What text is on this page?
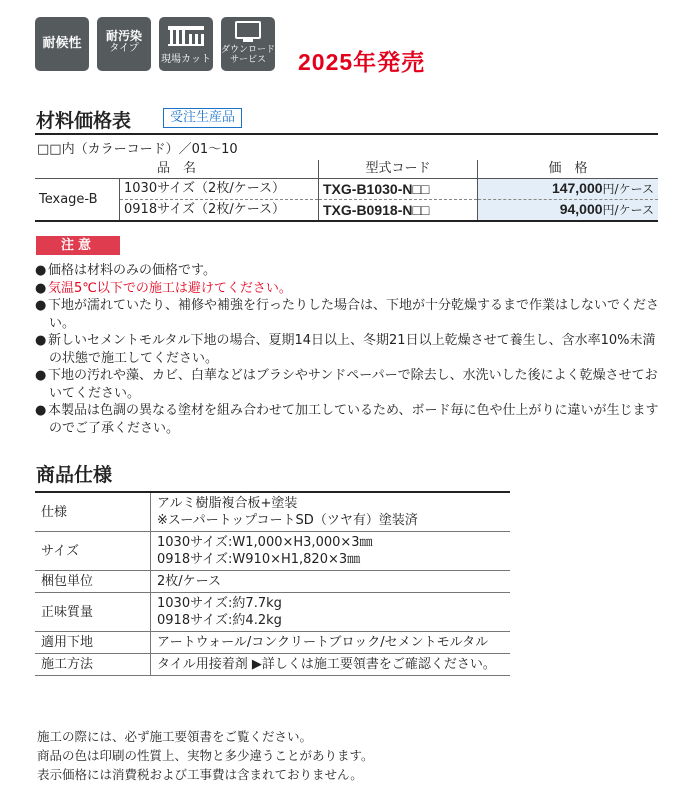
耐候性	耐汚染
タイプ
現場カット
ダウンロード
サービス	2025年発売
材料価格表	受注生産品
□□内（カラーコード）／01～10
品　名		型式コード	価　格
Texage-B	1030サイズ（2枚/ケース）	TXG-B1030-N□□	147,000円/ケース
	0918サイズ（2枚/ケース）	TXG-B0918-N□□	94,000円/ケース
注意

● 価格は材料のみの価格です。

● 気温5℃以下での施工は避けてください。

● 下地が濡れていたり、補修や補強を行ったりした場合は、下地が十分乾燥するまで作業はしないでください。

● 新しいセメントモルタル下地の場合、夏期14日以上、冬期21日以上乾燥させて養生し、含水率10%未満の状態で施工してください。

● 下地の汚れや藻、カビ、白華などはブラシやサンドペーパーで除去し、水洗いした後によく乾燥させておいてください。

● 本製品は色調の異なる塗材を組み合わせて加工しているため、ボード毎に色や仕上がりに違いが生じますのでご了承ください。

商品仕様
仕様	アルミ樹脂複合板+塗装
※スーパートップコートSD（ツヤ有）塗装済

サイズ	1030サイズ:W1,000×H3,000×3㎜
0918サイズ:W910×H1,820×3㎜

梱包単位	2枚/ケース
正味質量	1030サイズ:約7.7kg
0918サイズ:約4.2kg

適用下地	アートウォール/コンクリートブロック/セメントモルタル
施工方法	タイル用接着剤 ▶詳しくは施工要領書をご確認ください。
施工の際には、必ず施工要領書をご覧ください。
商品の色は印刷の性質上、実物と多少違うことがあります。
表示価格には消費税および工事費は含まれておりません。
